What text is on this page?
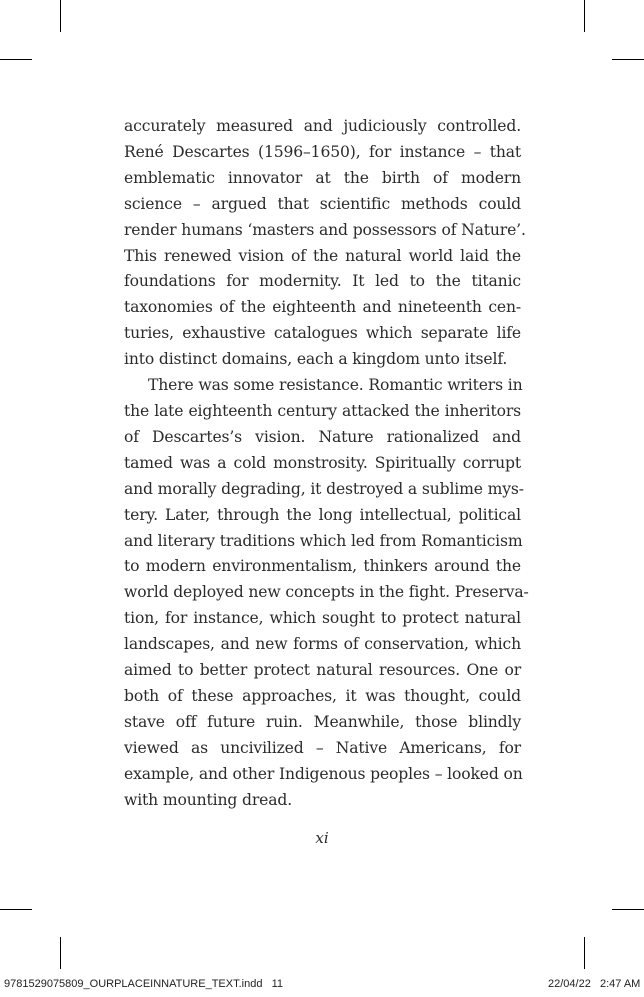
accurately measured and judiciously controlled.
René Descartes (1596–1650), for instance – that
emblematic innovator at the birth of modern
science – argued that scientific methods could
render humans ‘masters and possessors of Nature’.
This renewed vision of the natural world laid the
foundations for modernity. It led to the titanic
taxonomies of the eighteenth and nineteenth cen-
turies, exhaustive catalogues which separate life
into distinct domains, each a kingdom unto itself.
There was some resistance. Romantic writers in
the late eighteenth century attacked the inheritors
of Descartes’s vision. Nature rationalized and
tamed was a cold monstrosity. Spiritually corrupt
and morally degrading, it destroyed a sublime mys-
tery. Later, through the long intellectual, political
and literary traditions which led from Romanticism
to modern environmentalism, thinkers around the
world deployed new concepts in the fight. Preserva-
tion, for instance, which sought to protect natural
landscapes, and new forms of conservation, which
aimed to better protect natural resources. One or
both of these approaches, it was thought, could
stave off future ruin. Meanwhile, those blindly
viewed as uncivilized – Native Americans, for
example, and other Indigenous peoples – looked on
with mounting dread.
xi
9781529075809_OURPLACEINNATURE_TEXT.indd   11	22/04/22   2:47 AM
